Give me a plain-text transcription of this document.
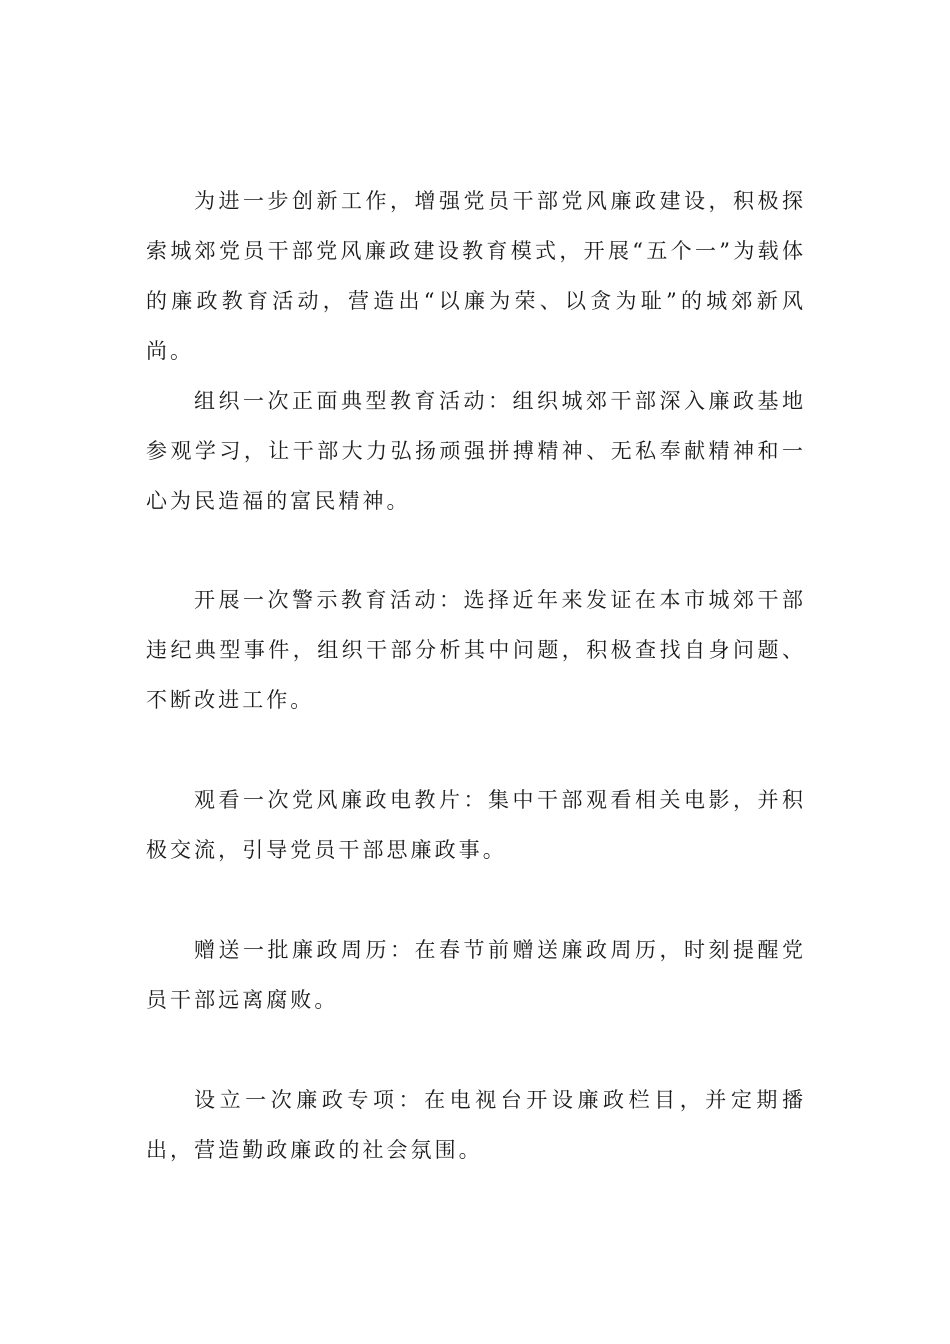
为进一步创新工作，增强党员干部党风廉政建设，积极探索城郊党员干部党风廉政建设教育模式，开展“五个一”为载体的廉政教育活动，营造出“以廉为荣、以贪为耻”的城郊新风尚。

组织一次正面典型教育活动：组织城郊干部深入廉政基地参观学习，让干部大力弘扬顽强拼搏精神、无私奉献精神和一心为民造福的富民精神。

开展一次警示教育活动：选择近年来发证在本市城郊干部违纪典型事件，组织干部分析其中问题，积极查找自身问题、不断改进工作。

观看一次党风廉政电教片：集中干部观看相关电影，并积极交流，引导党员干部思廉政事。

赠送一批廉政周历：在春节前赠送廉政周历，时刻提醒党员干部远离腐败。

设立一次廉政专项：在电视台开设廉政栏目，并定期播出，营造勤政廉政的社会氛围。
